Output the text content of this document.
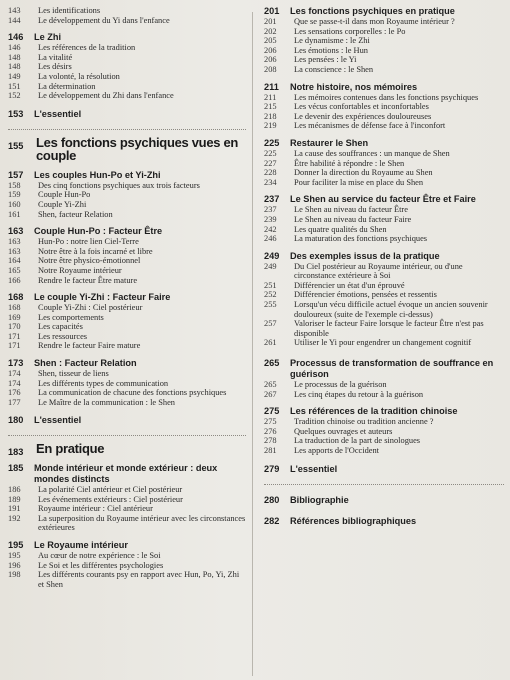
143	Les identifications
144	Le développement du Yi dans l'enfance
146	Le Zhi
146	Les références de la tradition
148	La vitalité
148	Les désirs
149	La volonté, la résolution
151	La détermination
152	Le développement du Zhi dans l'enfance
153	L'essentiel
155 Les fonctions psychiques vues en couple
157	Les couples Hun-Po et Yi-Zhi
158	Des cinq fonctions psychiques aux trois facteurs
159	Couple Hun-Po
160	Couple Yi-Zhi
161	Shen, facteur Relation
163	Couple Hun-Po : Facteur Être
163	Hun-Po : notre lien Ciel-Terre
163	Notre être à la fois incarné et libre
164	Notre être physico-émotionnel
165	Notre Royaume intérieur
166	Rendre le facteur Être mature
168	Le couple Yi-Zhi : Facteur Faire
168	Couple Yi-Zhi : Ciel postérieur
169	Les comportements
170	Les capacités
171	Les ressources
171	Rendre le facteur Faire mature
173	Shen : Facteur Relation
174	Shen, tisseur de liens
174	Les différents types de communication
176	La communication de chacune des fonctions psychiques
177	Le Maître de la communication : le Shen
180	L'essentiel
183 En pratique
185	Monde intérieur et monde extérieur : deux mondes distincts
186	La polarité Ciel antérieur et Ciel postérieur
189	Les événements extérieurs : Ciel postérieur
191	Royaume intérieur : Ciel antérieur
192	La superposition du Royaume intérieur avec les circonstances extérieures
195	Le Royaume intérieur
195	Au cœur de notre expérience : le Soi
196	Le Soi et les différentes psychologies
198	Les différents courants psy en rapport avec Hun, Po, Yi, Zhi et Shen
201	Les fonctions psychiques en pratique
201	Que se passe-t-il dans mon Royaume intérieur ?
202	Les sensations corporelles : le Po
205	Le dynamisme : le Zhi
206	Les émotions : le Hun
206	Les pensées : le Yi
208	La conscience : le Shen
211	Notre histoire, nos mémoires
211	Les mémoires contenues dans les fonctions psychiques
215	Les vécus confortables et inconfortables
218	Le devenir des expériences douloureuses
219	Les mécanismes de défense face à l'inconfort
225	Restaurer le Shen
225	La cause des souffrances : un manque de Shen
227	Être habilité à répondre : le Shen
228	Donner la direction du Royaume au Shen
234	Pour faciliter la mise en place du Shen
237	Le Shen au service du facteur Être et Faire
237	Le Shen au niveau du facteur Être
239	Le Shen au niveau du facteur Faire
242	Les quatre qualités du Shen
246	La maturation des fonctions psychiques
249	Des exemples issus de la pratique
249	Du Ciel postérieur au Royaume intérieur, ou d'une circonstance extérieure à Soi
251	Différencier un état d'un éprouvé
252	Différencier émotions, pensées et ressentis
255	Lorsqu'un vécu difficile actuel évoque un ancien souvenir douloureux (suite de l'exemple ci-dessus)
257	Valoriser le facteur Faire lorsque le facteur Être n'est pas disponible
261	Utiliser le Yi pour engendrer un changement cognitif
265	Processus de transformation de souffrance en guérison
265	Le processus de la guérison
267	Les cinq étapes du retour à la guérison
275	Les références de la tradition chinoise
275	Tradition chinoise ou tradition ancienne ?
276	Quelques ouvrages et auteurs
278	La traduction de la part de sinologues
281	Les apports de l'Occident
279	L'essentiel
280	Bibliographie
282	Références bibliographiques
